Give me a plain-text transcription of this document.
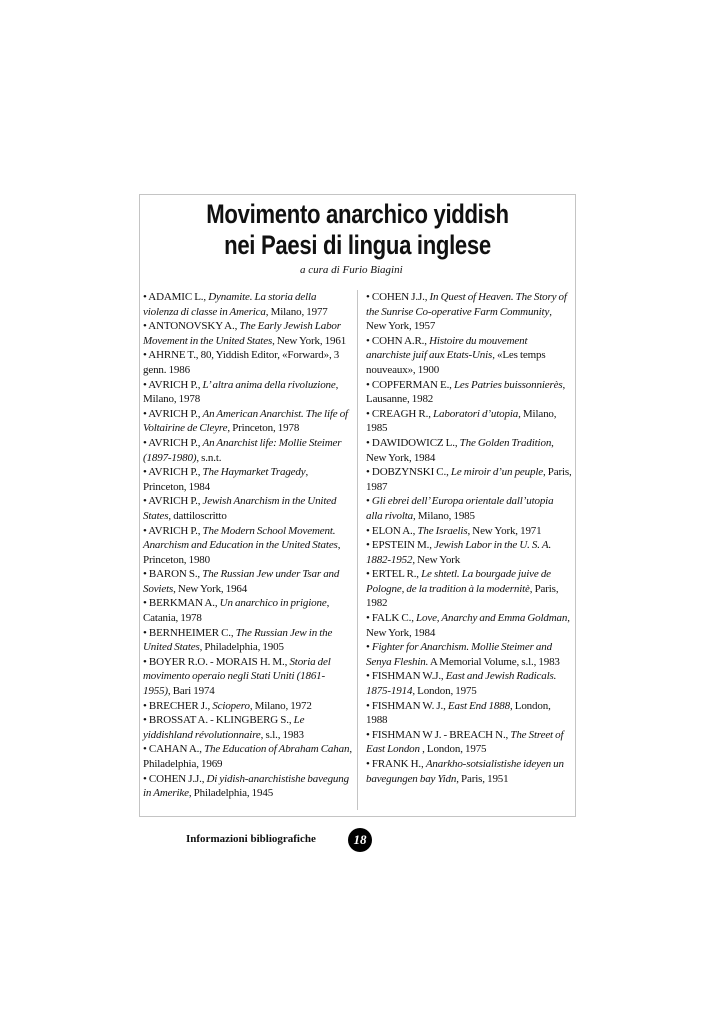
Movimento anarchico yiddish
nei Paesi di lingua inglese
a cura di Furio Biagini

• ADAMIC L., Dynamite. La storia della violenza di classe in America, Milano, 1977

• ANTONOVSKY A., The Early Jewish Labor Movement in the United States, New York, 1961

• AHRNE T., 80, Yiddish Editor, «Forward», 3 genn. 1986

• AVRICH P., L’ altra anima della rivoluzione, Milano, 1978

• AVRICH P., An American Anarchist. The life of Voltairine de Cleyre, Princeton, 1978

• AVRICH P., An Anarchist life: Mollie Steimer (1897-1980), s.n.t.

• AVRICH P., The Haymarket Tragedy, Princeton, 1984

• AVRICH P., Jewish Anarchism in the United States, dattiloscritto

• AVRICH P., The Modern School Movement. Anarchism and Education in the United States, Princeton, 1980

• BARON S., The Russian Jew under Tsar and Soviets, New York, 1964

• BERKMAN A., Un anarchico in prigione, Catania, 1978

• BERNHEIMER C., The Russian Jew in the United States, Philadelphia, 1905

• BOYER R.O. - MORAIS H. M., Storia del movimento operaio negli Stati Uniti (1861-1955), Bari 1974

• BRECHER J., Sciopero, Milano, 1972

• BROSSAT A. - KLINGBERG S., Le yiddishland révolutionnaire, s.l., 1983

• CAHAN A., The Education of Abraham Cahan, Philadelphia, 1969

• COHEN J.J., Di yidish-anarchistishe bavegung in Amerike, Philadelphia, 1945

• COHEN J.J., In Quest of Heaven. The Story of the Sunrise Co-operative Farm Community, New York, 1957

• COHN A.R., Histoire du mouvement anarchiste juif aux Etats-Unis, «Les temps nouveaux», 1900

• COPFERMAN E., Les Patries buissonnierès, Lausanne, 1982

• CREAGH R., Laboratori d’utopia, Milano, 1985

• DAWIDOWICZ L., The Golden Tradition, New York, 1984

• DOBZYNSKI C., Le miroir d’un peuple, Paris, 1987

• Gli ebrei dell’ Europa orientale dall’utopia alla rivolta, Milano, 1985

• ELON A., The Israelis, New York, 1971

• EPSTEIN M., Jewish Labor in the U. S. A. 1882-1952, New York

• ERTEL R., Le shtetl. La bourgade juive de Pologne, de la tradition à la modernitè, Paris, 1982

• FALK C., Love, Anarchy and Emma Goldman, New York, 1984

• Fighter for Anarchism. Mollie Steimer and Senya Fleshin. A Memorial Volume, s.l., 1983

• FISHMAN W.J., East and Jewish Radicals. 1875-1914, London, 1975

• FISHMAN W. J., East End 1888, London, 1988

• FISHMAN W J. - BREACH N., The Street of East London , London, 1975

• FRANK H., Anarkho-sotsialistishe ideyen un bavegungen bay Yidn, Paris, 1951

Informazioni bibliografiche	18
